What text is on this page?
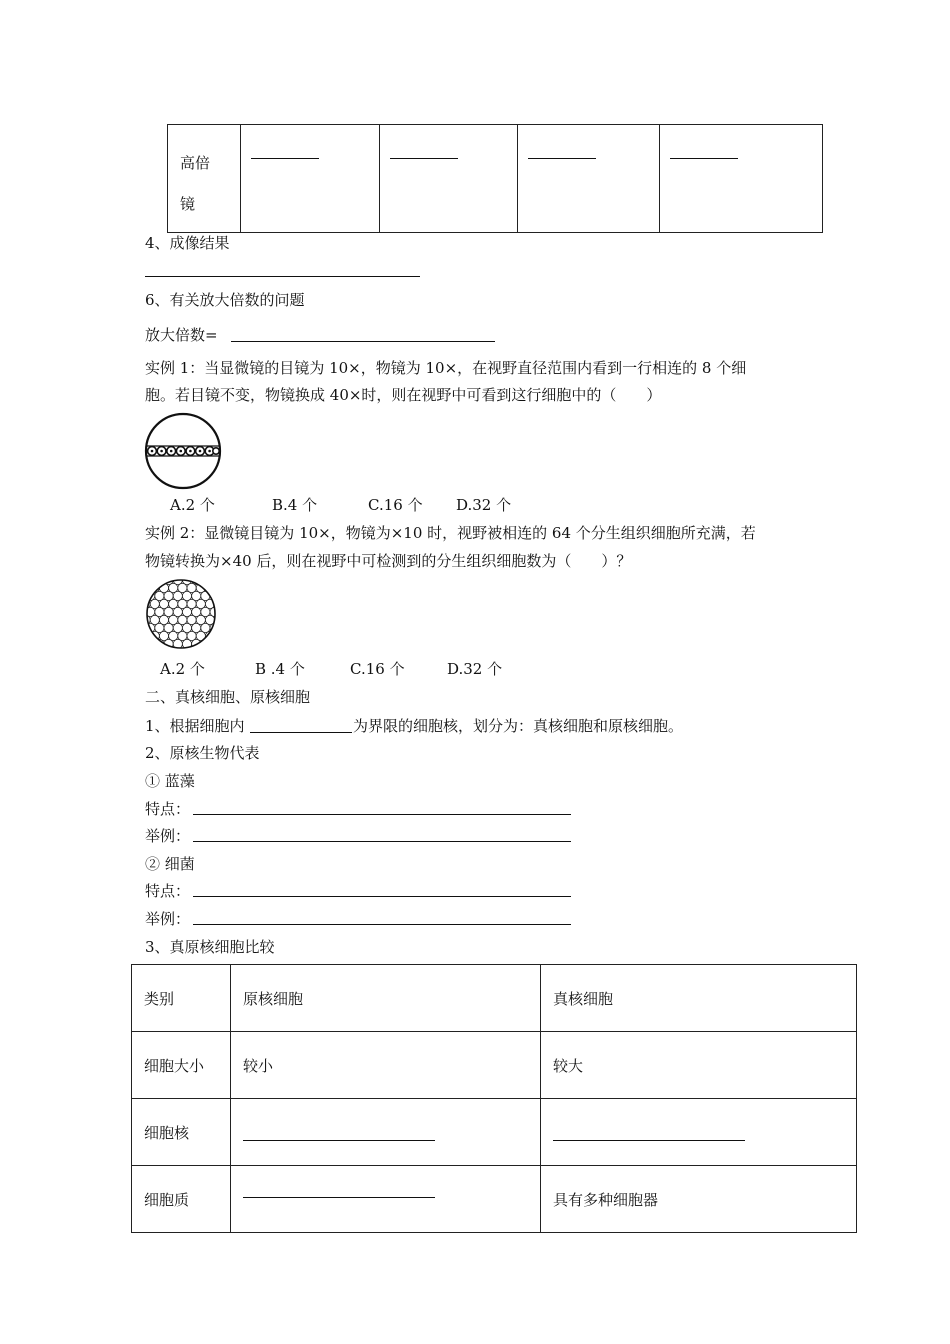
高倍
镜

4、成像结果
6、有关放大倍数的问题
放大倍数=
实例 1：当显微镜的目镜为 10×，物镜为 10×，在视野直径范围内看到一行相连的 8 个细
胞。若目镜不变，物镜换成 40×时，则在视野中可看到这行细胞中的（　　）
A.2 个	B.4 个	C.16 个 D.32 个
实例 2：显微镜目镜为 10×，物镜为×10 时，视野被相连的 64 个分生组织细胞所充满，若
物镜转换为×40 后，则在视野中可检测到的分生组织细胞数为（　　）？
A.2 个	B .4 个	C.16 个	D.32 个
二、真核细胞、原核细胞
1、根据细胞内	为界限的细胞核，划分为：真核细胞和原核细胞。
2、原核生物代表
① 蓝藻
特点：
举例：
② 细菌
特点：
举例：
3、真原核细胞比较
类别	原核细胞	真核细胞
细胞大小	较小	较大
细胞核	

细胞质		具有多种细胞器
